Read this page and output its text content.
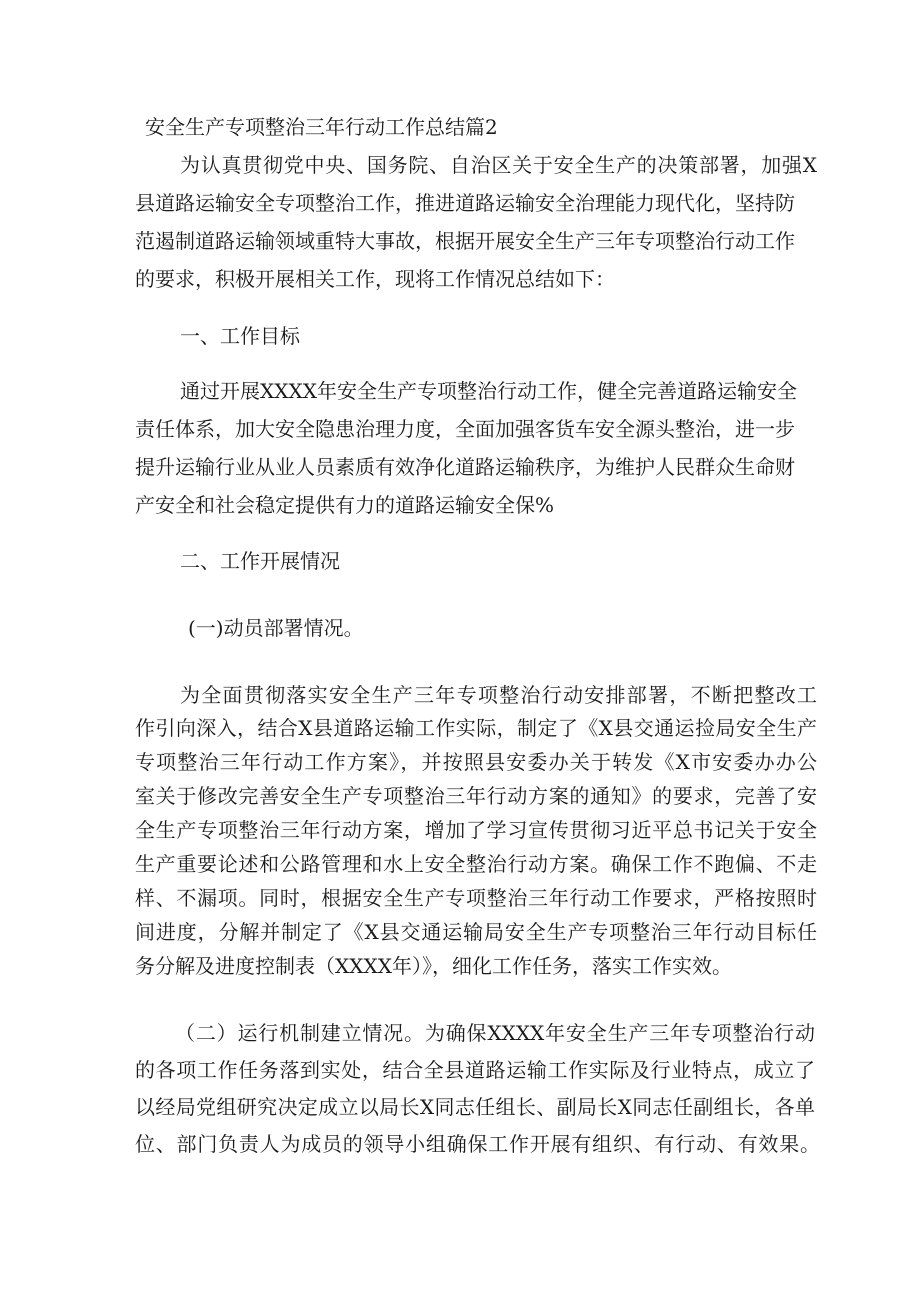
安全生产专项整治三年行动工作总结篇2
为认真贯彻党中央、国务院、自治区关于安全生产的决策部署，加强X
县道路运输安全专项整治工作，推进道路运输安全治理能力现代化，坚持防
范遏制道路运输领域重特大事故，根据开展安全生产三年专项整治行动工作
的要求，积极开展相关工作，现将工作情况总结如下：
一、工作目标
通过开展XXXX年安全生产专项整治行动工作，健全完善道路运输安全
责任体系，加大安全隐患治理力度，全面加强客货车安全源头整治，进一步
提升运输行业从业人员素质有效净化道路运输秩序，为维护人民群众生命财
产安全和社会稳定提供有力的道路运输安全保%
二、工作开展情况
(一)动员部署情况。
为全面贯彻落实安全生产三年专项整治行动安排部署，不断把整改工
作引向深入，结合X县道路运输工作实际，制定了《X县交通运捡局安全生产
专项整治三年行动工作方案》，并按照县安委办关于转发《X市安委办办公
室关于修改完善安全生产专项整治三年行动方案的通知》的要求，完善了安
全生产专项整治三年行动方案，增加了学习宣传贯彻习近平总书记关于安全
生产重要论述和公路管理和水上安全整治行动方案。确保工作不跑偏、不走
样、不漏项。同时，根据安全生产专项整治三年行动工作要求，严格按照时
间进度，分解并制定了《X县交通运输局安全生产专项整治三年行动目标任
务分解及进度控制表（XXXX年）》，细化工作任务，落实工作实效。
（二）运行机制建立情况。为确保XXXX年安全生产三年专项整治行动
的各项工作任务落到实处，结合全县道路运输工作实际及行业特点，成立了
以经局党组研究决定成立以局长X同志任组长、副局长X同志任副组长，各单
位、部门负责人为成员的领导小组确保工作开展有组织、有行动、有效果。
